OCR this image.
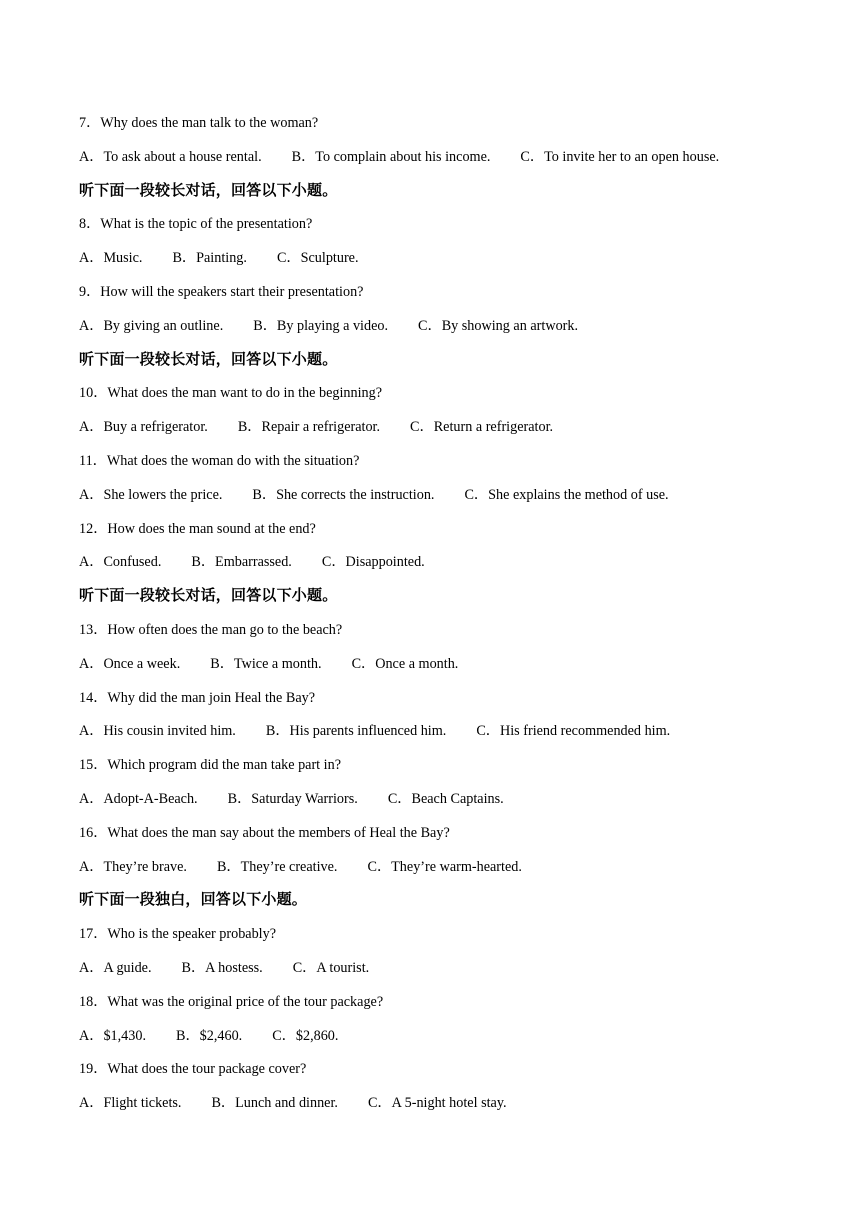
7．Why does the man talk to the woman?
A．To ask about a house rental. B．To complain about his income. C．To invite her to an open house.
听下面一段较长对话，回答以下小题。
8．What is the topic of the presentation?
A．Music. B．Painting. C．Sculpture.
9．How will the speakers start their presentation?
A．By giving an outline. B．By playing a video. C．By showing an artwork.
听下面一段较长对话，回答以下小题。
10．What does the man want to do in the beginning?
A．Buy a refrigerator. B．Repair a refrigerator. C．Return a refrigerator.
11．What does the woman do with the situation?
A．She lowers the price. B．She corrects the instruction. C．She explains the method of use.
12．How does the man sound at the end?
A．Confused. B．Embarrassed. C．Disappointed.
听下面一段较长对话，回答以下小题。
13．How often does the man go to the beach?
A．Once a week. B．Twice a month. C．Once a month.
14．Why did the man join Heal the Bay?
A．His cousin invited him. B．His parents influenced him. C．His friend recommended him.
15．Which program did the man take part in?
A．Adopt-A-Beach. B．Saturday Warriors. C．Beach Captains.
16．What does the man say about the members of Heal the Bay?
A．They’re brave. B．They’re creative. C．They’re warm-hearted.
听下面一段独白，回答以下小题。
17．Who is the speaker probably?
A．A guide. B．A hostess. C．A tourist.
18．What was the original price of the tour package?
A．$1,430. B．$2,460. C．$2,860.
19．What does the tour package cover?
A．Flight tickets. B．Lunch and dinner. C．A 5-night hotel stay.
